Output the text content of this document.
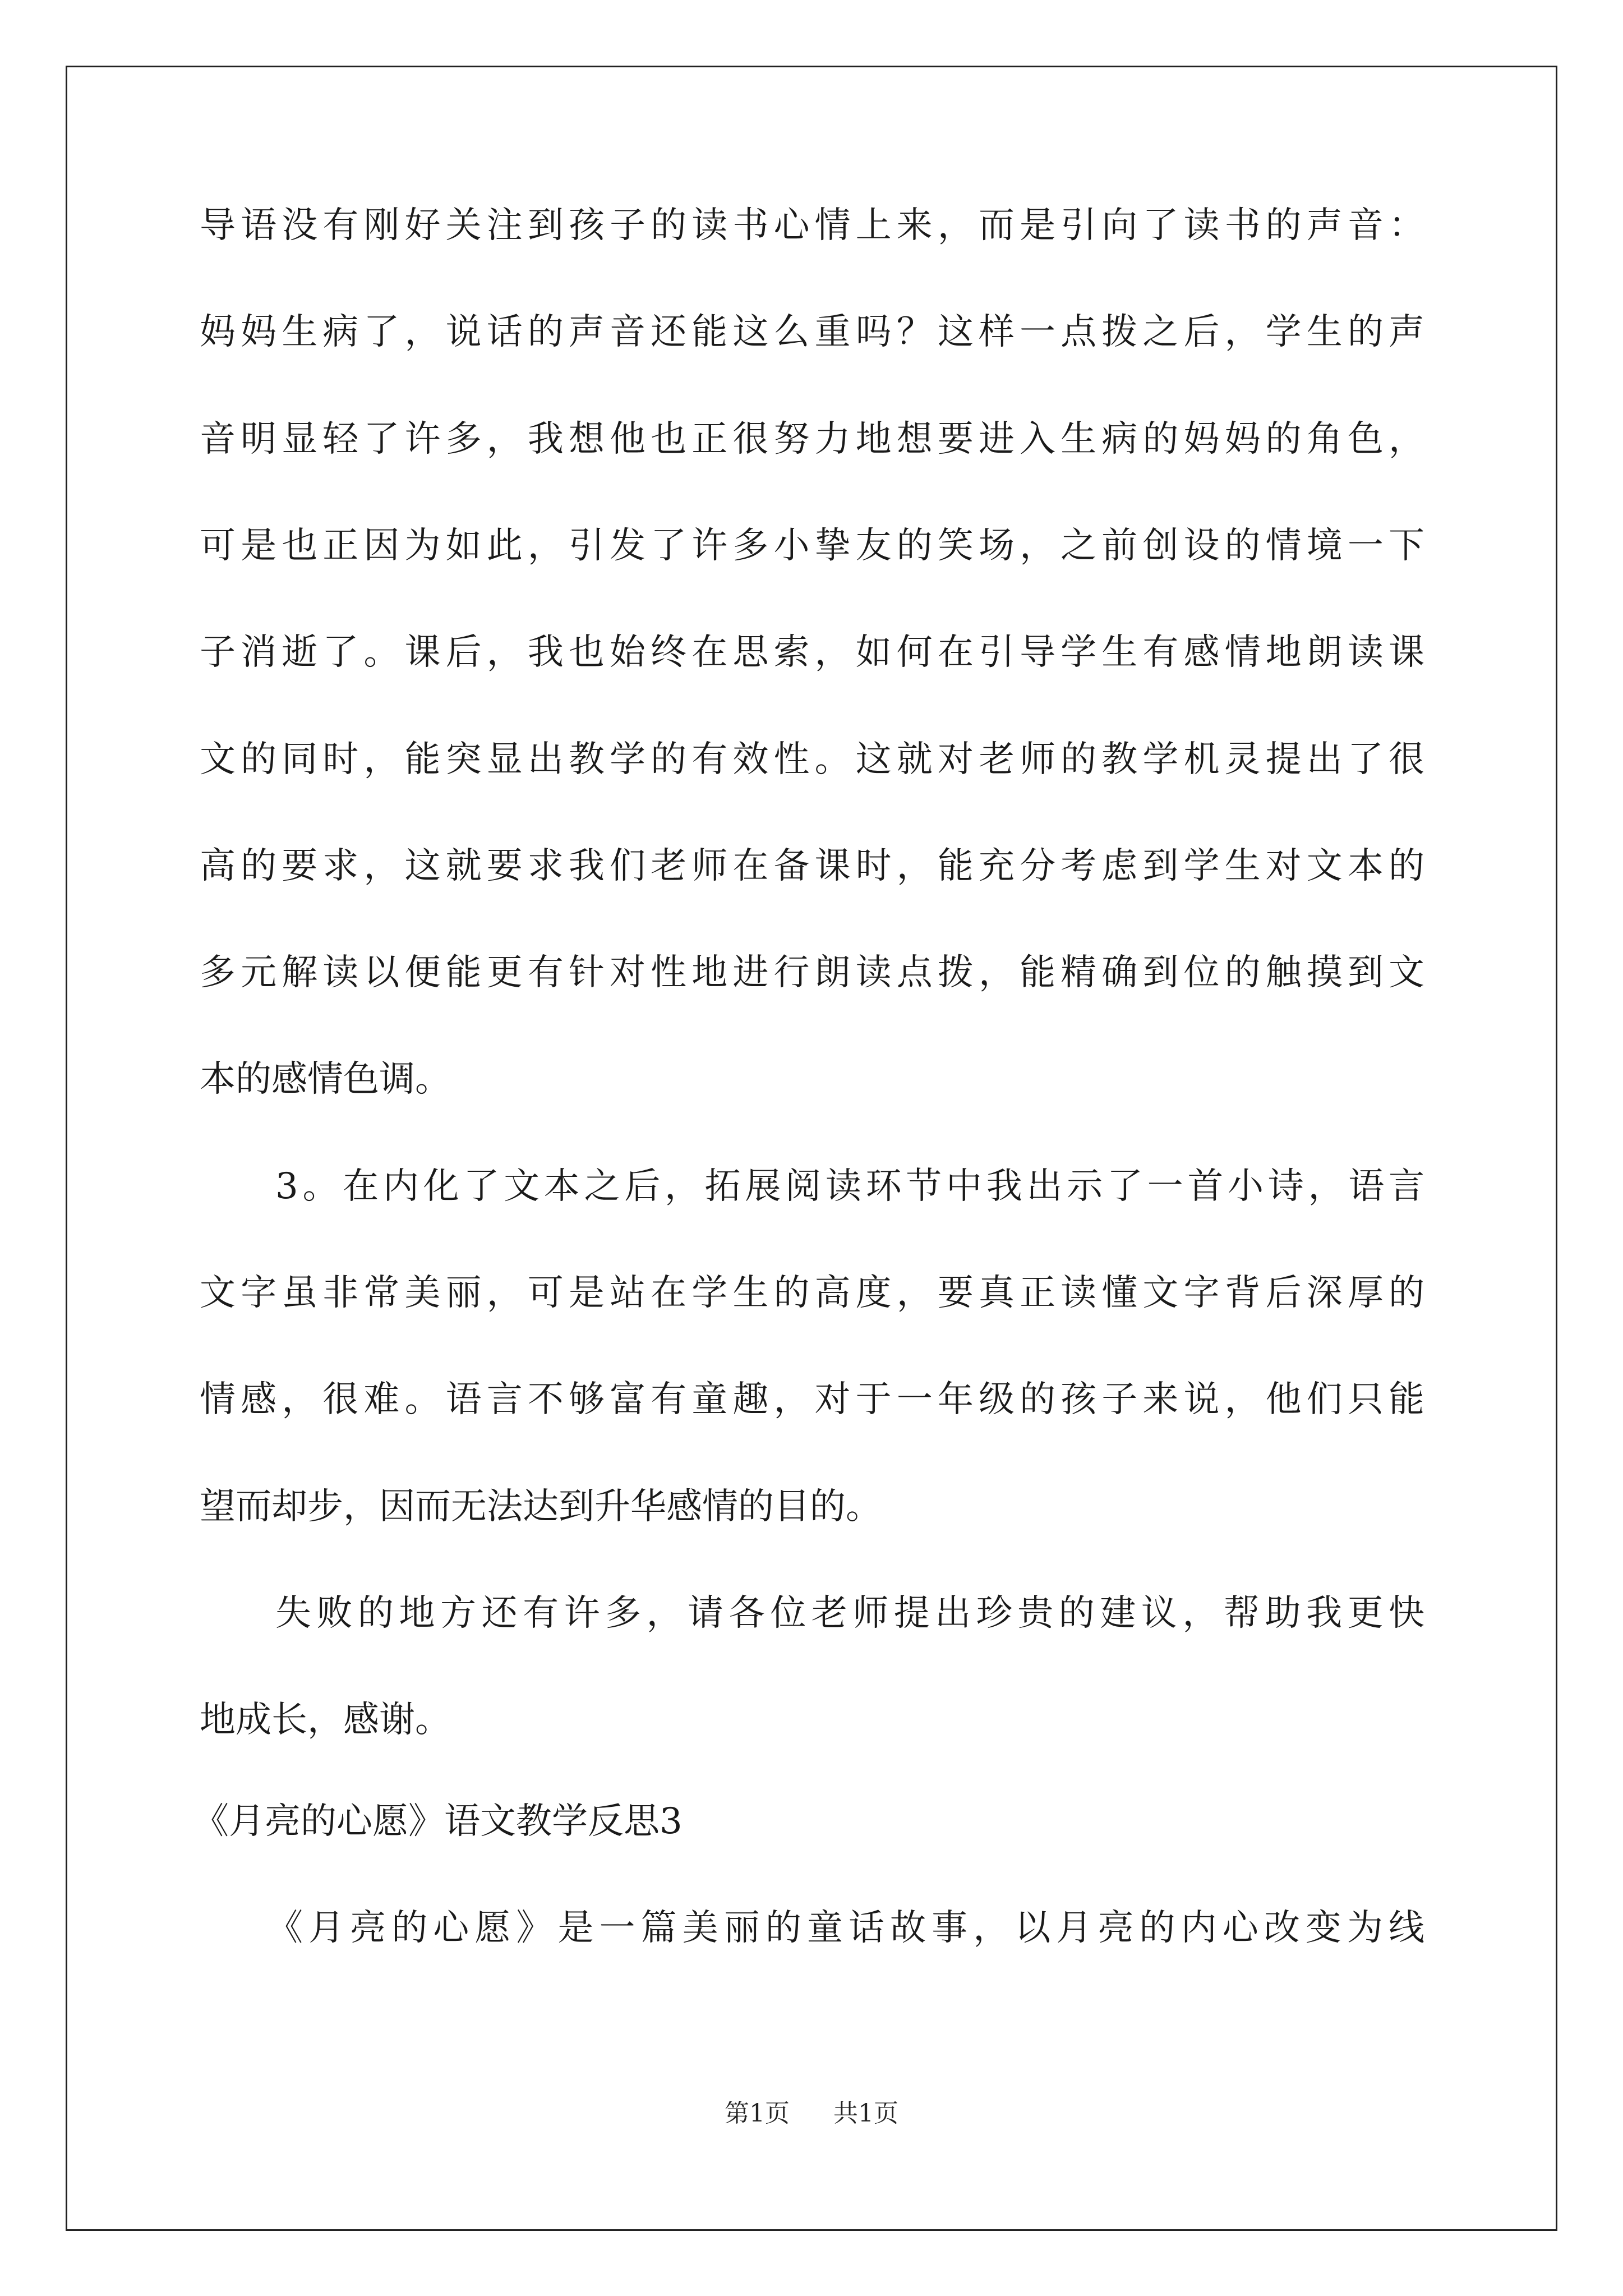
导语没有刚好关注到孩子的读书心情上来，而是引向了读书的声音：
妈妈生病了，说话的声音还能这么重吗？这样一点拨之后，学生的声
音明显轻了许多，我想他也正很努力地想要进入生病的妈妈的角色，
可是也正因为如此，引发了许多小挚友的笑场，之前创设的情境一下
子消逝了。课后，我也始终在思索，如何在引导学生有感情地朗读课
文的同时，能突显出教学的有效性。这就对老师的教学机灵提出了很
高的要求，这就要求我们老师在备课时，能充分考虑到学生对文本的
多元解读以便能更有针对性地进行朗读点拨，能精确到位的触摸到文
本的感情色调。
3。在内化了文本之后，拓展阅读环节中我出示了一首小诗，语言
文字虽非常美丽，可是站在学生的高度，要真正读懂文字背后深厚的
情感，很难。语言不够富有童趣，对于一年级的孩子来说，他们只能
望而却步，因而无法达到升华感情的目的。
失败的地方还有许多，请各位老师提出珍贵的建议，帮助我更快
地成长，感谢。
《月亮的心愿》语文教学反思3
《月亮的心愿》是一篇美丽的童话故事，以月亮的内心改变为线
第1页 共1页
